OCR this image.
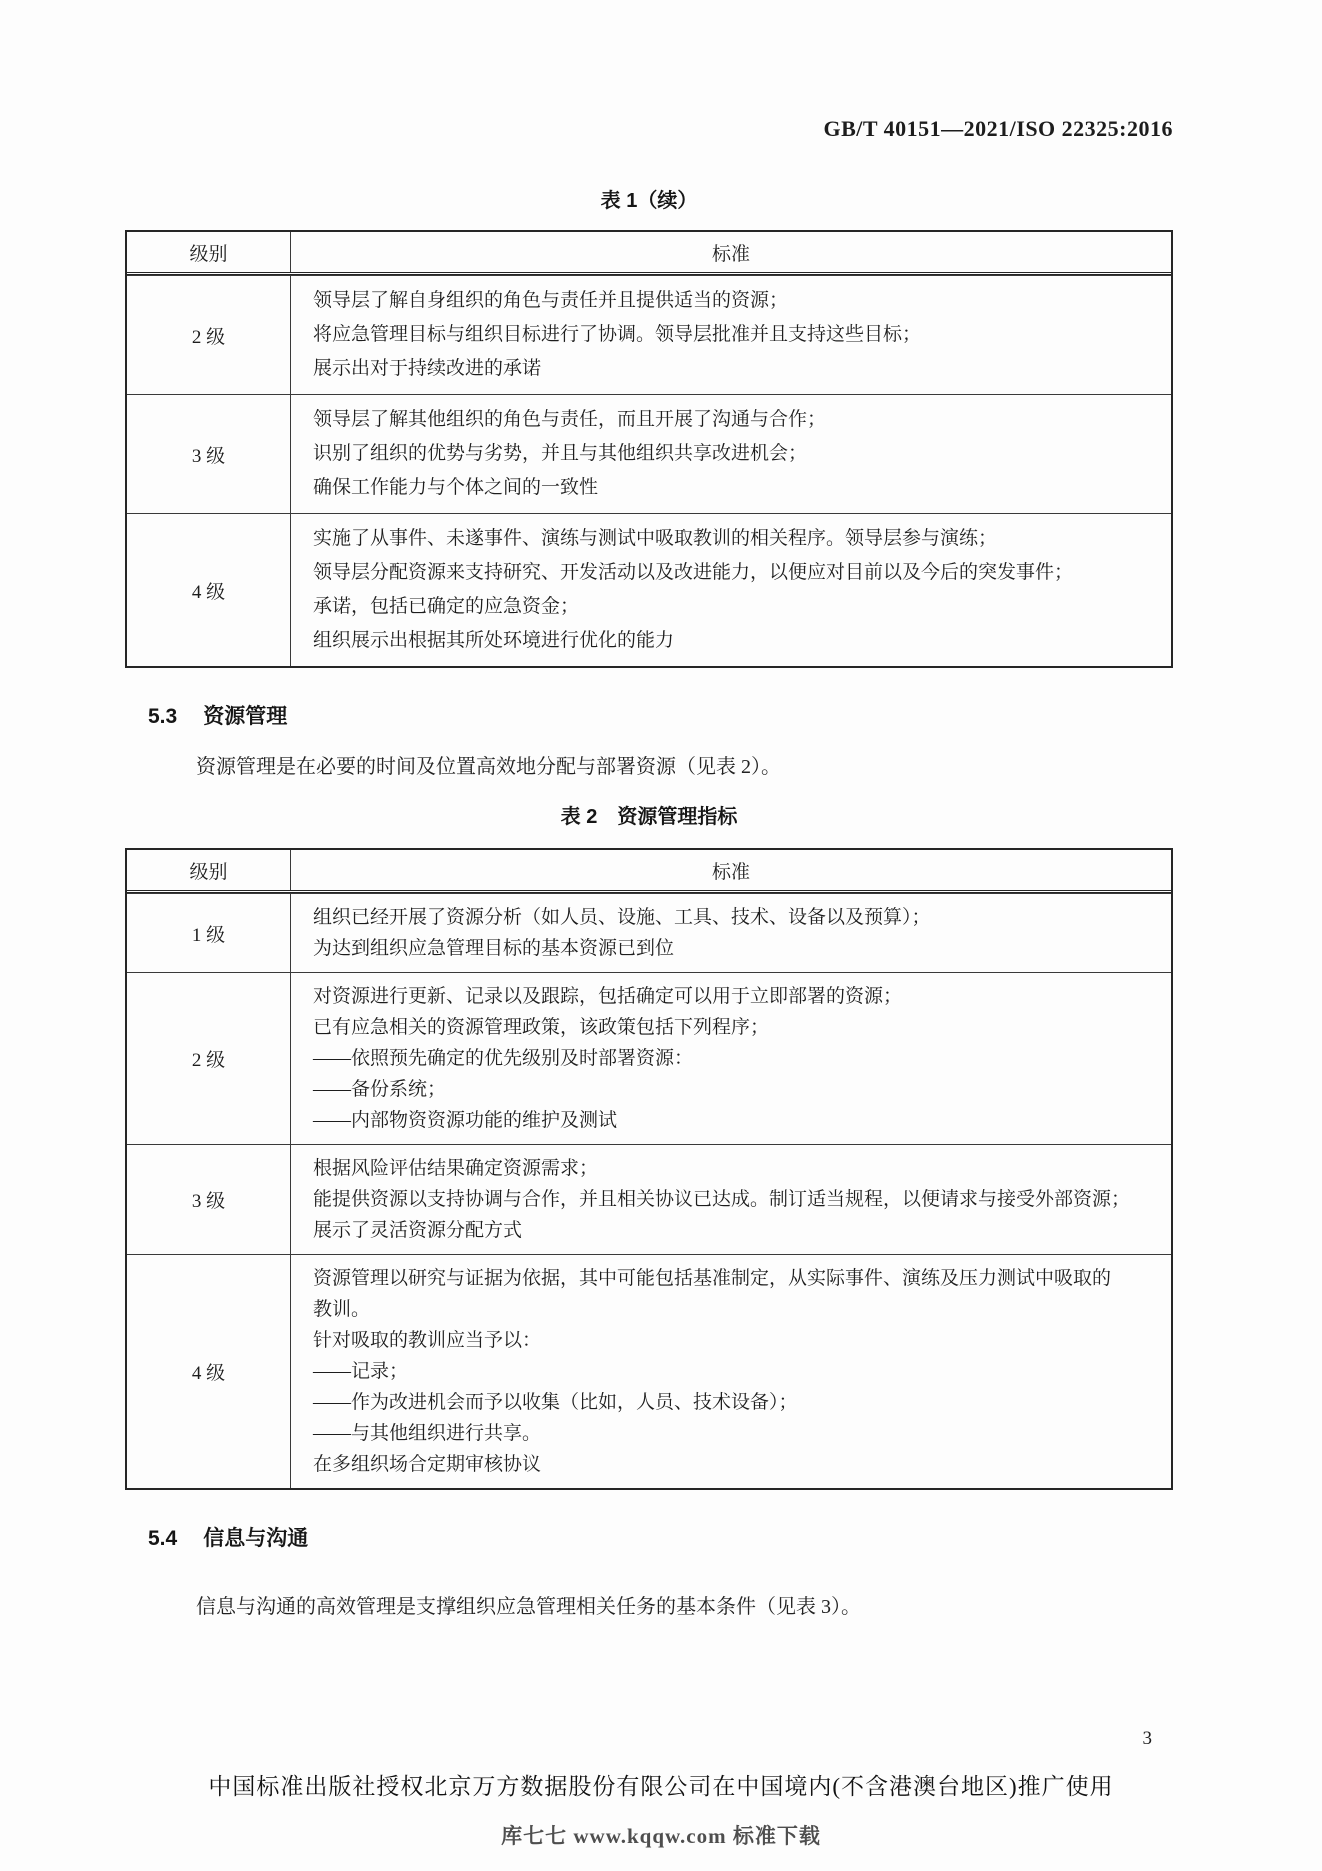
GB/T 40151—2021/ISO 22325:2016
表 1（续）
级别	标准
2 级
领导层了解自身组织的角色与责任并且提供适当的资源；
将应急管理目标与组织目标进行了协调。领导层批准并且支持这些目标；
展示出对于持续改进的承诺
3 级
领导层了解其他组织的角色与责任，而且开展了沟通与合作；
识别了组织的优势与劣势，并且与其他组织共享改进机会；
确保工作能力与个体之间的一致性
4 级
实施了从事件、未遂事件、演练与测试中吸取教训的相关程序。领导层参与演练；
领导层分配资源来支持研究、开发活动以及改进能力，以便应对目前以及今后的突发事件；
承诺，包括已确定的应急资金；
组织展示出根据其所处环境进行优化的能力
5.3 资源管理
资源管理是在必要的时间及位置高效地分配与部署资源（见表 2）。
表 2　资源管理指标
级别	标准
1 级
组织已经开展了资源分析（如人员、设施、工具、技术、设备以及预算）；
为达到组织应急管理目标的基本资源已到位
2 级
对资源进行更新、记录以及跟踪，包括确定可以用于立即部署的资源；
已有应急相关的资源管理政策，该政策包括下列程序；
——依照预先确定的优先级别及时部署资源：
——备份系统；
——内部物资资源功能的维护及测试
3 级
根据风险评估结果确定资源需求；
能提供资源以支持协调与合作，并且相关协议已达成。制订适当规程，以便请求与接受外部资源；
展示了灵活资源分配方式
4 级
资源管理以研究与证据为依据，其中可能包括基准制定，从实际事件、演练及压力测试中吸取的
教训。
针对吸取的教训应当予以：
——记录；
——作为改进机会而予以收集（比如，人员、技术设备）；
——与其他组织进行共享。
在多组织场合定期审核协议
5.4 信息与沟通
信息与沟通的高效管理是支撑组织应急管理相关任务的基本条件（见表 3）。
3
中国标准出版社授权北京万方数据股份有限公司在中国境内(不含港澳台地区)推广使用
库七七 www.kqqw.com 标准下载
